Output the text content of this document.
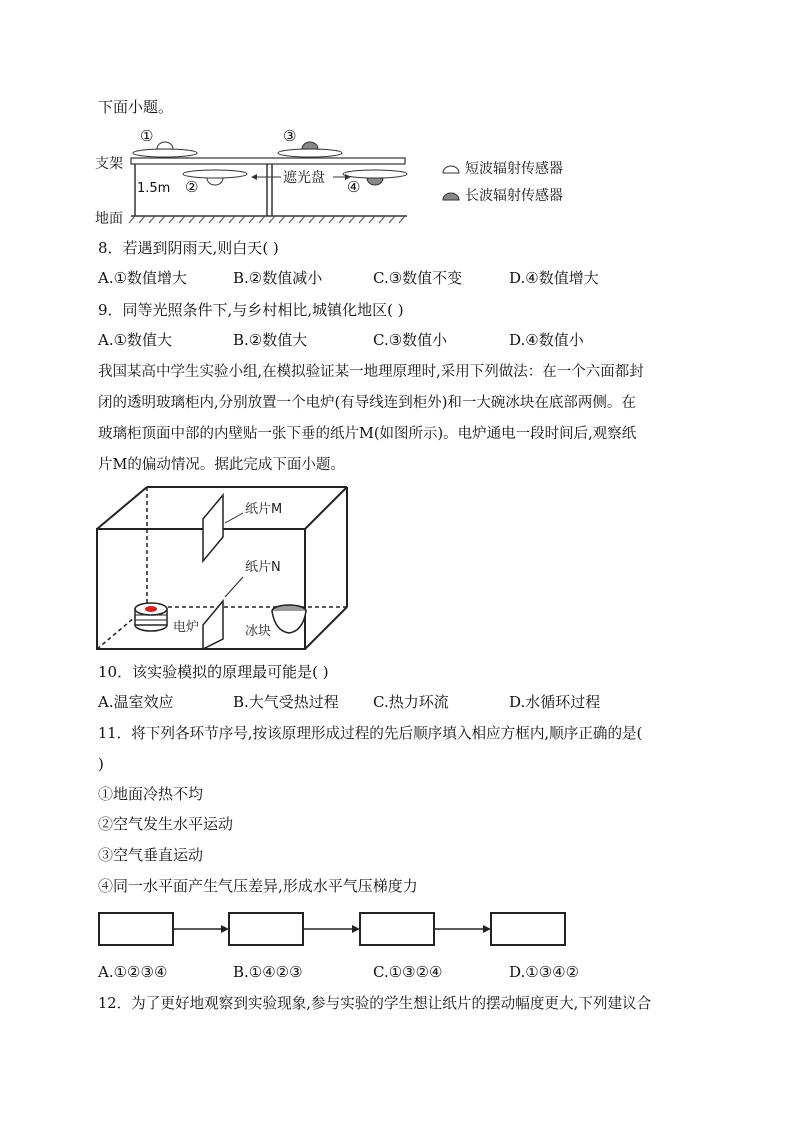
下面小题。
①	③
支架
1.5m ②	遮光盘 ④
地面
短波辐射传感器
长波辐射传感器
8．若遇到阴雨天,则白天( )
A.①数值增大	B.②数值减小	C.③数值不变	D.④数值增大
9．同等光照条件下,与乡村相比,城镇化地区( )
A.①数值大	B.②数值大	C.③数值小	D.④数值小
我国某高中学生实验小组,在模拟验证某一地理原理时,采用下列做法：在一个六面都封
闭的透明玻璃柜内,分别放置一个电炉(有导线连到柜外)和一大碗冰块在底部两侧。在
玻璃柜顶面中部的内壁贴一张下垂的纸片M(如图所示)。电炉通电一段时间后,观察纸
片M的偏动情况。据此完成下面小题。
纸片M
纸片N
电炉	冰块
10．该实验模拟的原理最可能是( )
A.温室效应	B.大气受热过程 C.热力环流	D.水循环过程
11．将下列各环节序号,按该原理形成过程的先后顺序填入相应方框内,顺序正确的是(
)
①地面冷热不均
②空气发生水平运动
③空气垂直运动
④同一水平面产生气压差异,形成水平气压梯度力
A.①②③④	B.①④②③	C.①③②④	D.①③④②
12．为了更好地观察到实验现象,参与实验的学生想让纸片的摆动幅度更大,下列建议合
